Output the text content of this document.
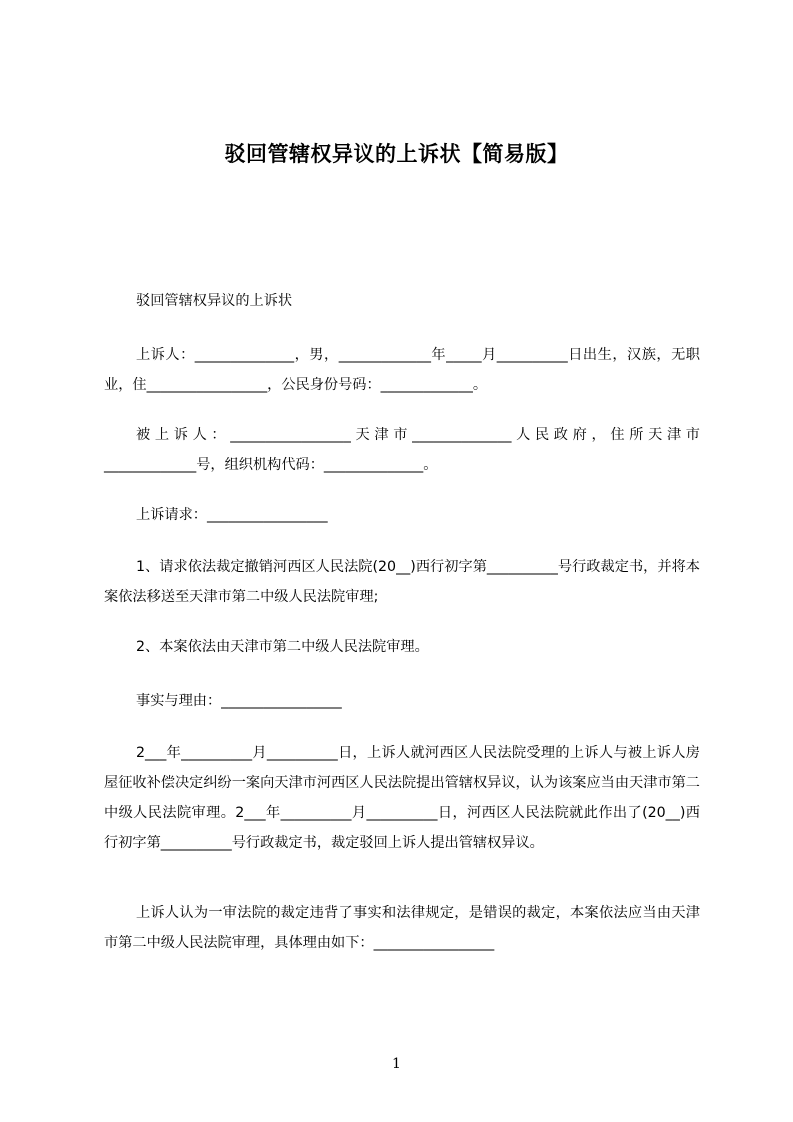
驳回管辖权异议的上诉状【简易版】

驳回管辖权异议的上诉状

上诉人：______________，男，_____________年_____月__________日出生，汉族，无职业，住_________________，公民身份号码：_____________。

被上诉人：_________________天津市______________人民政府，住所天津市_____________号，组织机构代码：______________。

上诉请求：_________________

1、请求依法裁定撤销河西区人民法院(20__)西行初字第__________号行政裁定书，并将本案依法移送至天津市第二中级人民法院审理;

2、本案依法由天津市第二中级人民法院审理。

事实与理由：_________________

2___年__________月__________日，上诉人就河西区人民法院受理的上诉人与被上诉人房屋征收补偿决定纠纷一案向天津市河西区人民法院提出管辖权异议，认为该案应当由天津市第二中级人民法院审理。2___年__________月__________日，河西区人民法院就此作出了(20__)西行初字第__________号行政裁定书，裁定驳回上诉人提出管辖权异议。

上诉人认为一审法院的裁定违背了事实和法律规定，是错误的裁定，本案依法应当由天津市第二中级人民法院审理，具体理由如下：_________________

1
